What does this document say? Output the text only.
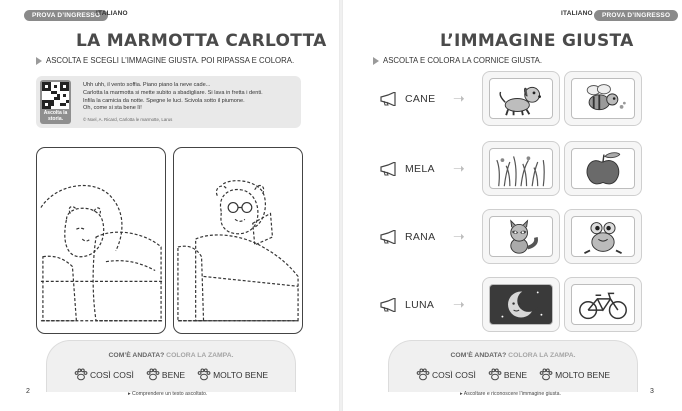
PROVA D’INGRESSO
ITALIANO
LA MARMOTTA CARLOTTA
ASCOLTA E SCEGLI L’IMMAGINE GIUSTA. POI RIPASSA E COLORA.
Ascolta la storia.
Uhh uhh, il vento soffia. Piano piano la neve cade...
Carlotta la marmotta si mette subito a sbadigliare. Si lava in fretta i denti.
Infila la camicia da notte. Spegne le luci. Scivola sotto il piumone.
Oh, come si sta bene lì!
© Noel, A. Ricard, Carlotta le marmotte, Larus
COM’È ANDATA? COLORA LA ZAMPA.
COSÌ COSÌ	BENE	MOLTO BENE
▸ Comprendere un testo ascoltato.
2
ITALIANO	PROVA D’INGRESSO
L’IMMAGINE GIUSTA
ASCOLTA E COLORA LA CORNICE GIUSTA.
CANE ➝
MELA ➝
RANA ➝
LUNA ➝
COM’È ANDATA? COLORA LA ZAMPA.
COSÌ COSÌ	BENE	MOLTO BENE
▸ Ascoltare e riconoscere l’immagine giusta.	3
